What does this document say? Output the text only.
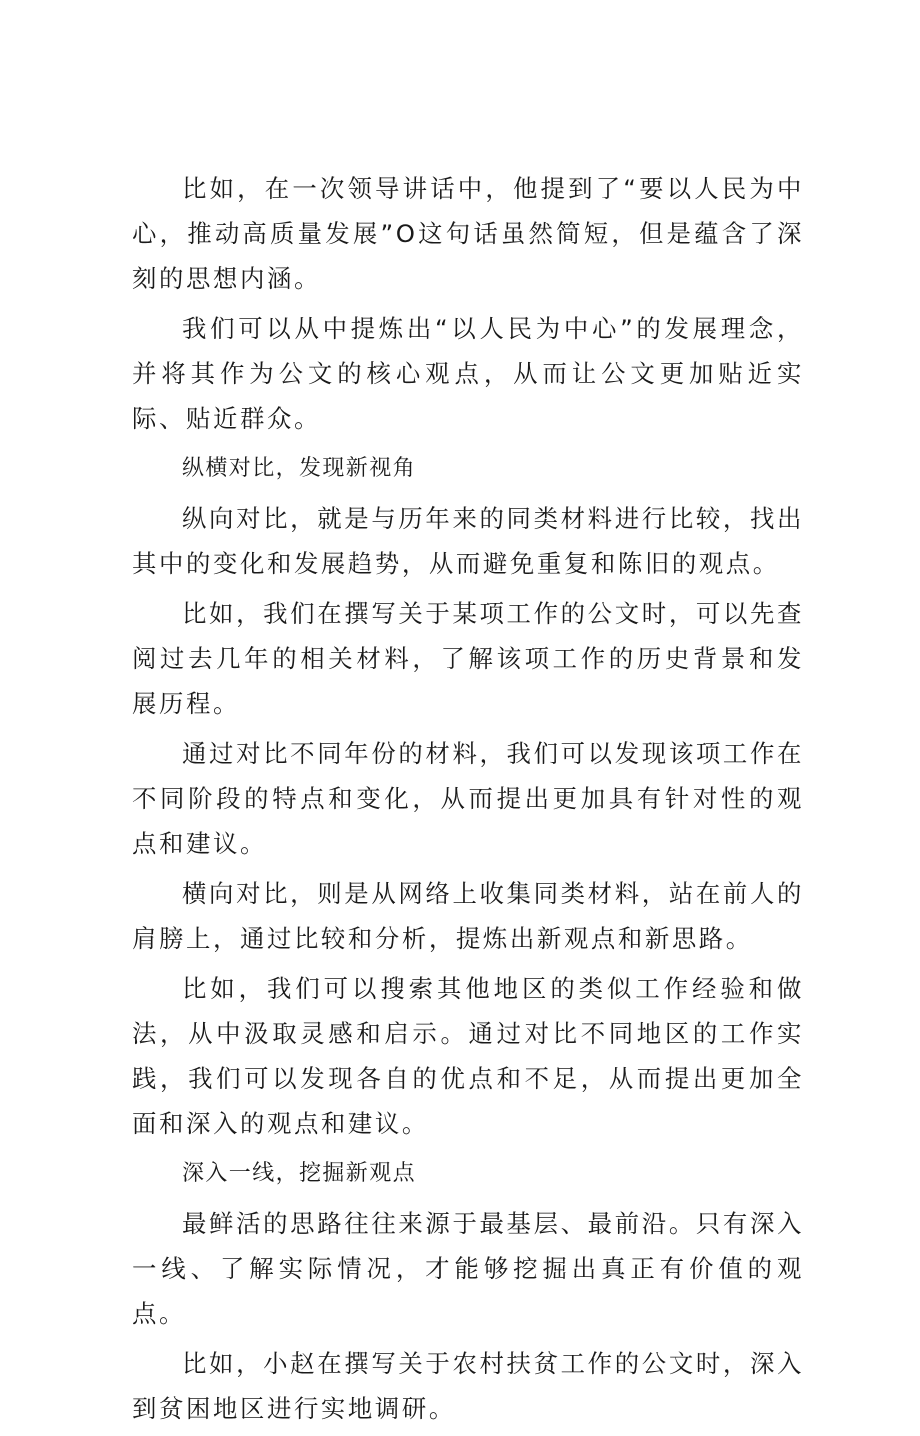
比如，在一次领导讲话中，他提到了“要以人民为中心，推动高质量发展”O这句话虽然简短，但是蕴含了深刻的思想内涵。

我们可以从中提炼出“以人民为中心”的发展理念，并将其作为公文的核心观点，从而让公文更加贴近实际、贴近群众。

纵横对比，发现新视角

纵向对比，就是与历年来的同类材料进行比较，找出其中的变化和发展趋势，从而避免重复和陈旧的观点。

比如，我们在撰写关于某项工作的公文时，可以先查阅过去几年的相关材料，了解该项工作的历史背景和发展历程。

通过对比不同年份的材料，我们可以发现该项工作在不同阶段的特点和变化，从而提出更加具有针对性的观点和建议。

横向对比，则是从网络上收集同类材料，站在前人的肩膀上，通过比较和分析，提炼出新观点和新思路。

比如，我们可以搜索其他地区的类似工作经验和做法，从中汲取灵感和启示。通过对比不同地区的工作实践，我们可以发现各自的优点和不足，从而提出更加全面和深入的观点和建议。

深入一线，挖掘新观点

最鲜活的思路往往来源于最基层、最前沿。只有深入一线、了解实际情况，才能够挖掘出真正有价值的观点。

比如，小赵在撰写关于农村扶贫工作的公文时，深入到贫困地区进行实地调研。
